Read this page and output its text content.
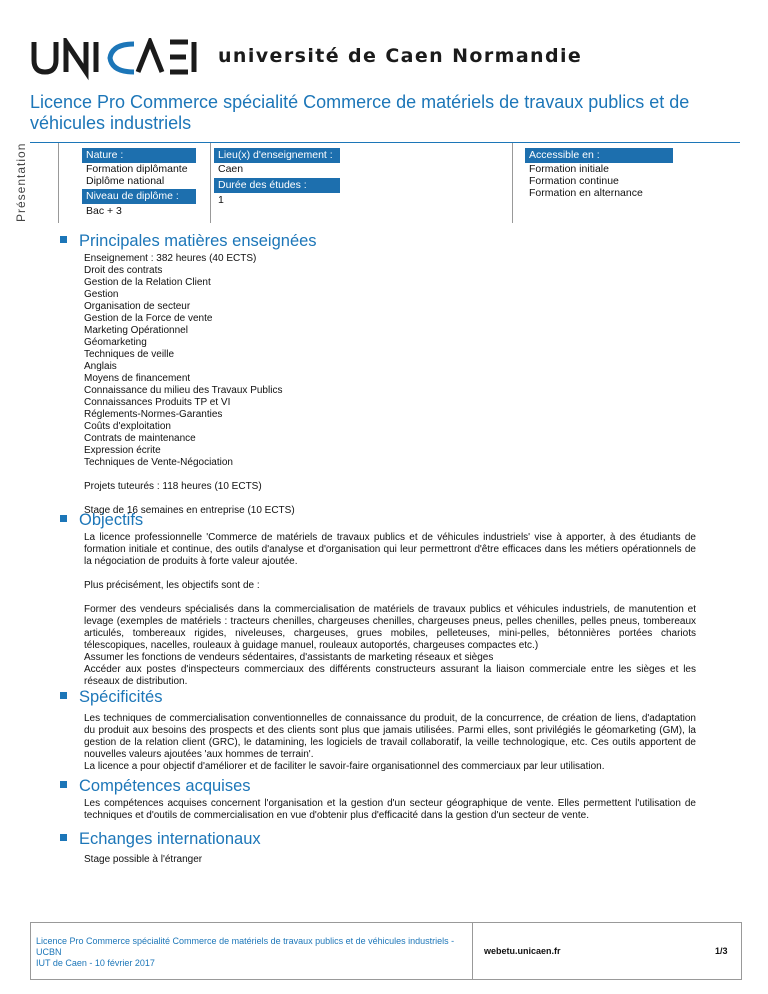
université de Caen Normandie
Licence Pro Commerce spécialité Commerce de matériels de travaux publics et de véhicules industriels
Présentation	Nature :
Formation diplômante
Diplôme national
Niveau de diplôme :
Bac + 3
Lieu(x) d'enseignement :
Caen
Durée des études :
1
Accessible en :
Formation initiale
Formation continue
Formation en alternance
Principales matières enseignées

Enseignement : 382 heures (40 ECTS)

Droit des contrats

Gestion de la Relation Client

Gestion

Organisation de secteur

Gestion de la Force de vente

Marketing Opérationnel

Géomarketing

Techniques de veille

Anglais

Moyens de financement

Connaissance du milieu des Travaux Publics

Connaissances Produits TP et VI

Réglements-Normes-Garanties

Coûts d'exploitation

Contrats de maintenance

Expression écrite

Techniques de Vente-Négociation

Projets tuteurés : 118 heures (10 ECTS)

Stage de 16 semaines en entreprise (10 ECTS)

Objectifs

La licence professionnelle 'Commerce de matériels de travaux publics et de véhicules industriels' vise à apporter, à des étudiants de formation initiale et continue, des outils d'analyse et d'organisation qui leur permettront d'être efficaces dans les métiers opérationnels de la négociation de produits à forte valeur ajoutée.

Plus précisément, les objectifs sont de :

Former des vendeurs spécialisés dans la commercialisation de matériels de travaux publics et véhicules industriels, de manutention et levage (exemples de matériels : tracteurs chenilles, chargeuses chenilles, chargeuses pneus, pelles chenilles, pelles pneus, tombereaux articulés, tombereaux rigides, niveleuses, chargeuses, grues mobiles, pelleteuses, mini-pelles, bétonnières portées chariots télescopiques, nacelles, rouleaux à guidage manuel, rouleaux autoportés, chargeuses compactes etc.)

Assumer les fonctions de vendeurs sédentaires, d'assistants de marketing réseaux et sièges

Accéder aux postes d'inspecteurs commerciaux des différents constructeurs assurant la liaison commerciale entre les sièges et les réseaux de distribution.

Spécificités

Les techniques de commercialisation conventionnelles de connaissance du produit, de la concurrence, de création de liens, d'adaptation du produit aux besoins des prospects et des clients sont plus que jamais utilisées. Parmi elles, sont privilégiés le géomarketing (GM), la gestion de la relation client (GRC), le datamining, les logiciels de travail collaboratif, la veille technologique, etc. Ces outils apportent de nouvelles valeurs ajoutées 'aux hommes de terrain'.

La licence a pour objectif d'améliorer et de faciliter le savoir-faire organisationnel des commerciaux par leur utilisation.

Compétences acquises

Les compétences acquises concernent l'organisation et la gestion d'un secteur géographique de vente. Elles permettent l'utilisation de techniques et d'outils de commercialisation en vue d'obtenir plus d'efficacité dans la gestion d'un secteur de vente.

Echanges internationaux

Stage possible à l'étranger

Licence Pro Commerce spécialité Commerce de matériels de travaux publics et de véhicules industriels -
UCBN
IUT de Caen - 10 février 2017
webetu.unicaen.fr	1/3
